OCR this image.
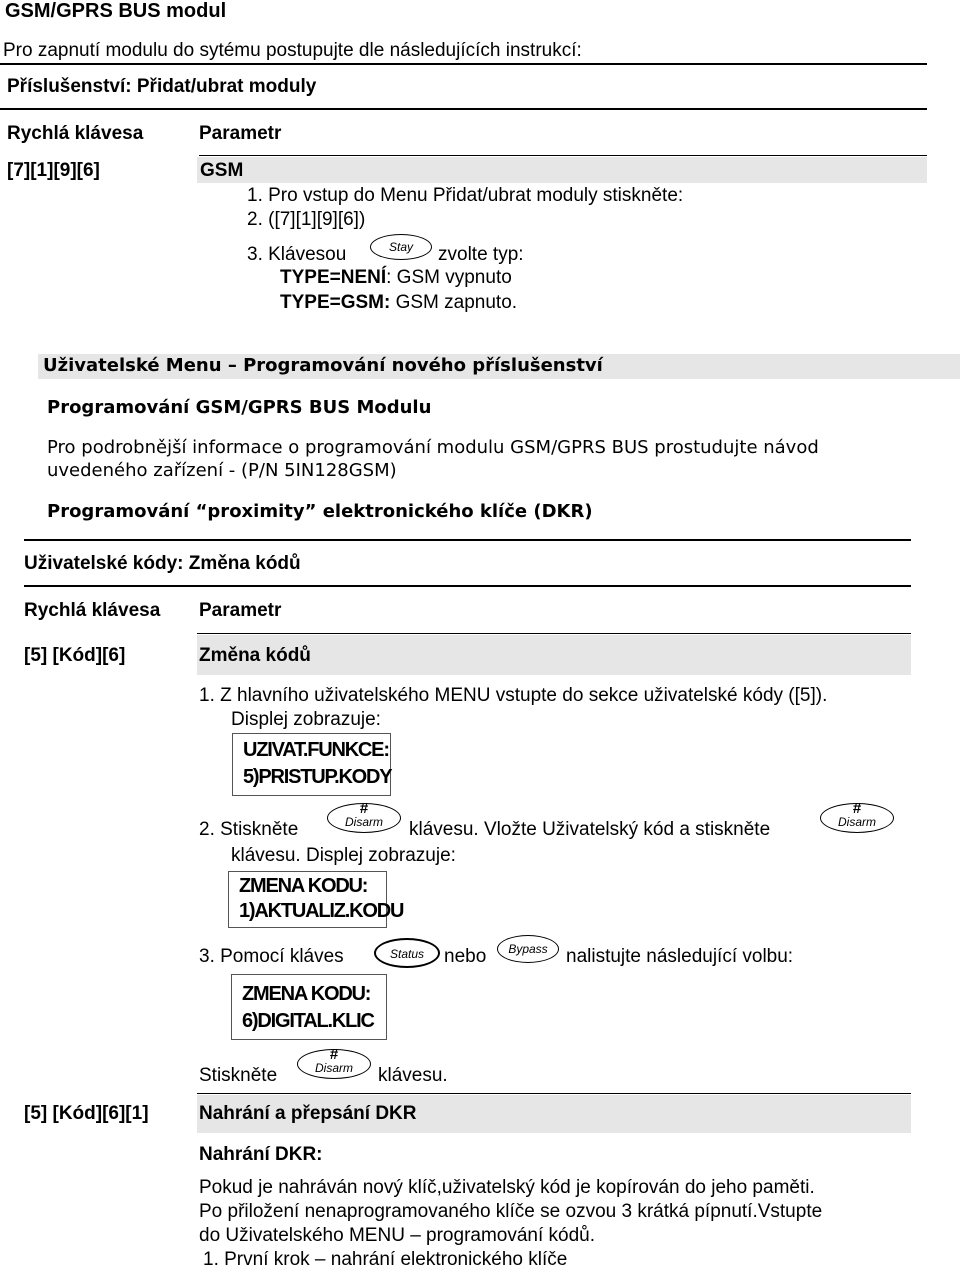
GSM/GPRS BUS modul
Pro zapnutí modulu do sytému postupujte dle následujících instrukcí:
Příslušenství: Přidat/ubrat moduly
Rychlá klávesa	Parametr
[7][1][9][6]	GSM
1. Pro vstup do Menu Přidat/ubrat moduly stiskněte:
2. ([7][1][9][6])
3. Klávesou	Stay	zvolte typ:
TYPE=NENÍ: GSM vypnuto
TYPE=GSM: GSM zapnuto.
Uživatelské Menu – Programování nového příslušenství
Programování GSM/GPRS BUS Modulu
Pro podrobnější informace o programování modulu GSM/GPRS BUS prostudujte návod
uvedeného zařízení - (P/N 5IN128GSM)
Programování “proximity” elektronického klíče (DKR)
Uživatelské kódy: Změna kódů
Rychlá klávesa Parametr
[5] [Kód][6]	Změna kódů
1. Z hlavního uživatelského MENU vstupte do sekce uživatelské kódy ([5]).
Displej zobrazuje:
UZIVAT.FUNKCE:
5)PRISTUP.KODY
2. Stiskněte
#
Disarm	klávesu. Vložte Uživatelský kód a stiskněte
#
Disarm
klávesu. Displej zobrazuje:
ZMENA KODU:
1)AKTUALIZ.KODU
3. Pomocí kláves	Status	nebo	Bypass nalistujte následující volbu:
ZMENA KODU:
6)DIGITAL.KLIC
Stiskněte
#
Disarm	klávesu.
[5] [Kód][6][1]	Nahrání a přepsání DKR
Nahrání DKR:
Pokud je nahráván nový klíč,uživatelský kód je kopírován do jeho paměti.
Po přiložení nenaprogramovaného klíče se ozvou 3 krátká pípnutí.Vstupte
do Uživatelského MENU – programování kódů.
1. První krok – nahrání elektronického klíče
